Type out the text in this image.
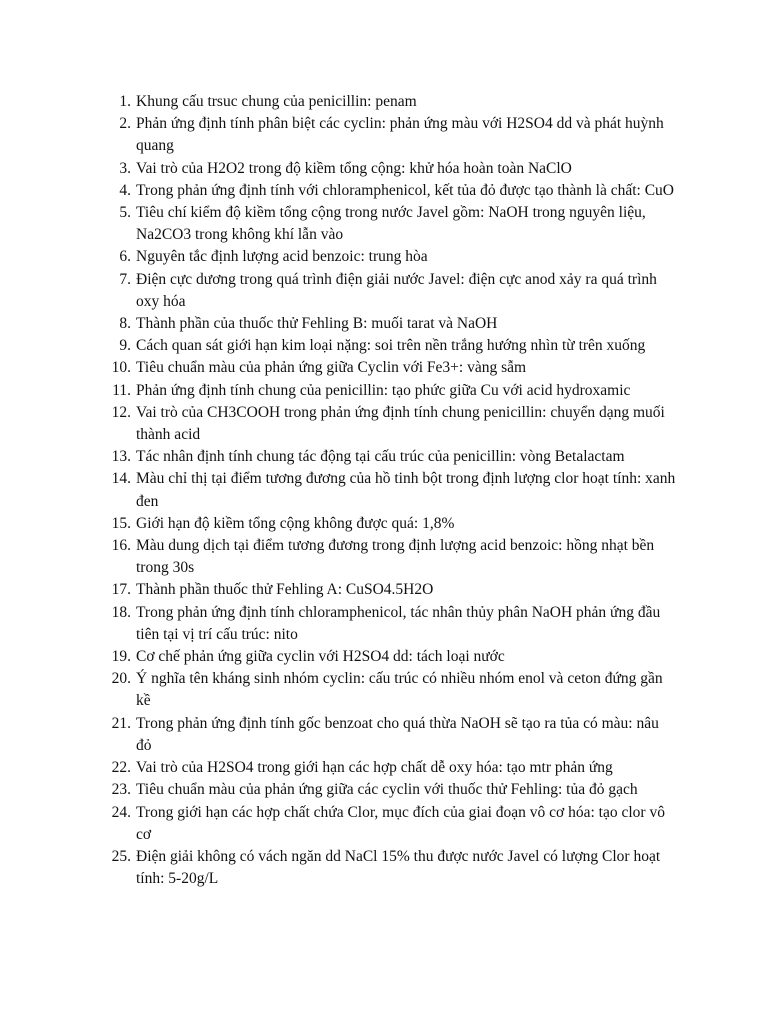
1. Khung cấu trsuc chung của penicillin: penam
2. Phản ứng định tính phân biệt các cyclin: phản ứng màu với H2SO4 dd và phát huỳnh quang
3. Vai trò của H2O2 trong độ kiềm tổng cộng: khử hóa hoàn toàn NaClO
4. Trong phản ứng định tính với chloramphenicol, kết tủa đỏ được tạo thành là chất: CuO
5. Tiêu chí kiểm độ kiềm tổng cộng trong nước Javel gồm: NaOH trong nguyên liệu, Na2CO3 trong không khí lẫn vào
6. Nguyên tắc định lượng acid benzoic: trung hòa
7. Điện cực dương trong quá trình điện giải nước Javel: điện cực anod xảy ra quá trình oxy hóa
8. Thành phần của thuốc thử Fehling B: muối tarat và NaOH
9. Cách quan sát giới hạn kim loại nặng: soi trên nền trắng hướng nhìn từ trên xuống
10. Tiêu chuẩn màu của phản ứng giữa Cyclin với Fe3+: vàng sẫm
11. Phản ứng định tính chung của penicillin: tạo phức giữa Cu với acid hydroxamic
12. Vai trò của CH3COOH trong phản ứng định tính chung penicillin: chuyển dạng muối thành acid
13. Tác nhân định tính chung tác động tại cấu trúc của penicillin: vòng Betalactam
14. Màu chỉ thị tại điểm tương đương của hồ tinh bột trong định lượng clor hoạt tính: xanh đen
15. Giới hạn độ kiềm tổng cộng không được quá: 1,8%
16. Màu dung dịch tại điểm tương đương trong định lượng acid benzoic: hồng nhạt bền trong 30s
17. Thành phần thuốc thử Fehling A: CuSO4.5H2O
18. Trong phản ứng định tính chloramphenicol, tác nhân thủy phân NaOH phản ứng đầu tiên tại vị trí cấu trúc: nito
19. Cơ chế phản ứng giữa cyclin với H2SO4 dd: tách loại nước
20. Ý nghĩa tên kháng sinh nhóm cyclin: cấu trúc có nhiều nhóm enol và ceton đứng gần kề
21. Trong phản ứng định tính gốc benzoat cho quá thừa NaOH sẽ tạo ra tủa có màu: nâu đỏ
22. Vai trò của H2SO4 trong giới hạn các hợp chất dễ oxy hóa: tạo mtr phản ứng
23. Tiêu chuẩn màu của phản ứng giữa các cyclin với thuốc thử Fehling: tủa đỏ gạch
24. Trong giới hạn các hợp chất chứa Clor, mục đích của giai đoạn vô cơ hóa: tạo clor vô cơ
25. Điện giải không có vách ngăn dd NaCl 15% thu được nước Javel có lượng Clor hoạt tính: 5-20g/L
